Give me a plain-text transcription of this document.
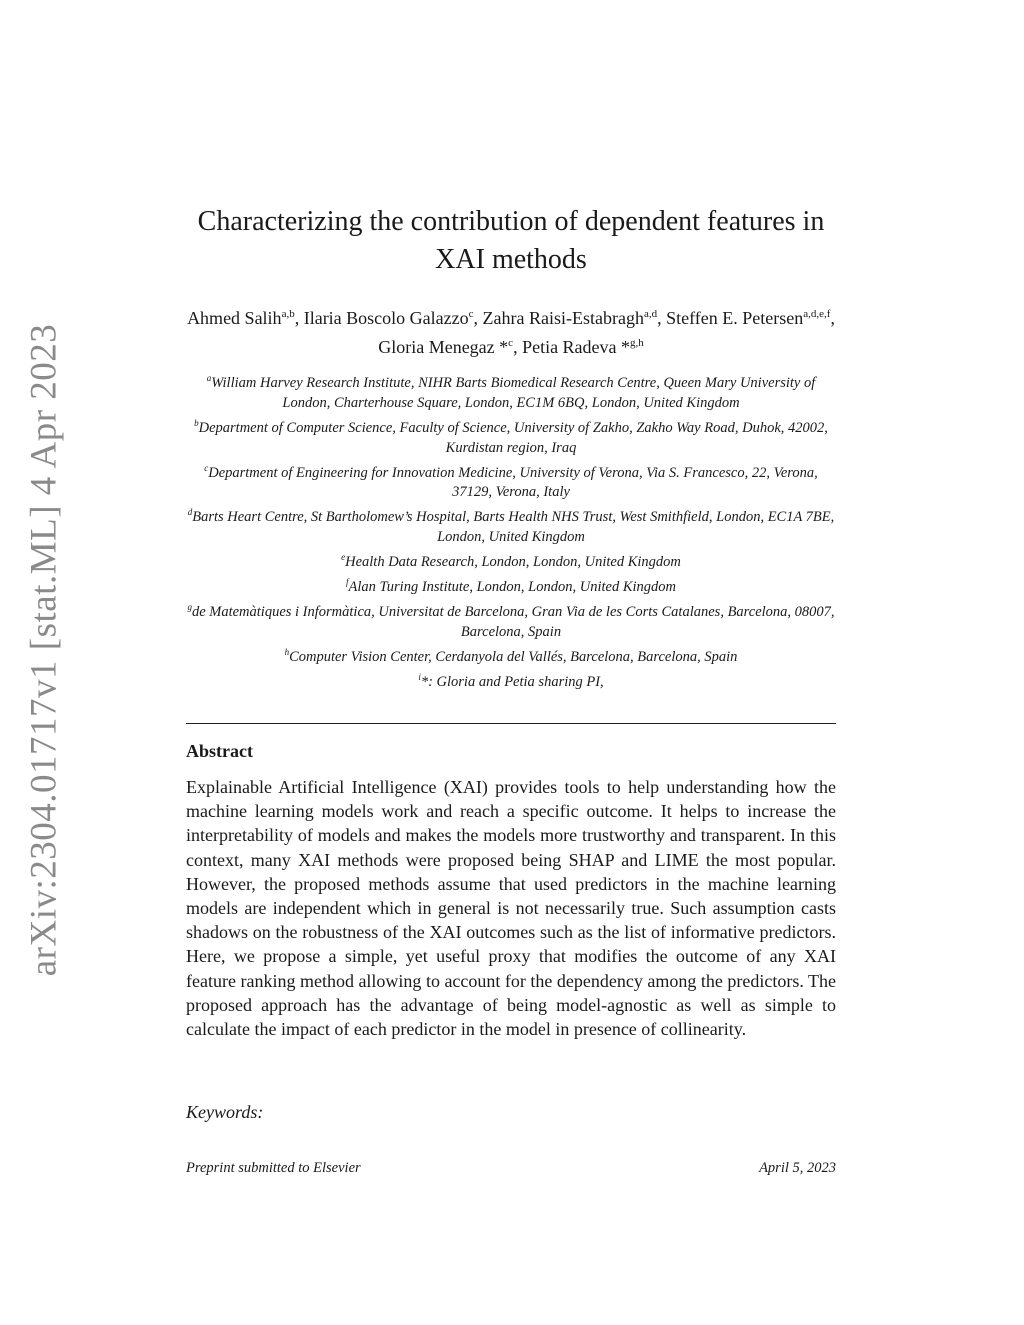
arXiv:2304.01717v1 [stat.ML] 4 Apr 2023
Characterizing the contribution of dependent features in XAI methods
Ahmed Salih$^{a,b}$, Ilaria Boscolo Galazzo$^c$, Zahra Raisi-Estabragh$^{a,d}$, Steffen E. Petersen$^{a,d,e,f}$, Gloria Menegaz *$^c$, Petia Radeva *$^{g,h}$
$^a$William Harvey Research Institute, NIHR Barts Biomedical Research Centre, Queen Mary University of London, Charterhouse Square, London, EC1M 6BQ, London, United Kingdom
$^b$Department of Computer Science, Faculty of Science, University of Zakho, Zakho Way Road, Duhok, 42002, Kurdistan region, Iraq
$^c$Department of Engineering for Innovation Medicine, University of Verona, Via S. Francesco, 22, Verona, 37129, Verona, Italy
$^d$Barts Heart Centre, St Bartholomew’s Hospital, Barts Health NHS Trust, West Smithfield, London, EC1A 7BE, London, United Kingdom
$^e$Health Data Research, London, London, United Kingdom
$^f$Alan Turing Institute, London, London, United Kingdom
$^g$de Matemàtiques i Informàtica, Universitat de Barcelona, Gran Via de les Corts Catalanes, Barcelona, 08007, Barcelona, Spain
$^h$Computer Vision Center, Cerdanyola del Vallés, Barcelona, Barcelona, Spain
$^i$*: Gloria and Petia sharing PI,
Abstract
Explainable Artificial Intelligence (XAI) provides tools to help understanding how the machine learning models work and reach a specific outcome. It helps to increase the interpretability of models and makes the models more trustworthy and transparent. In this context, many XAI methods were proposed being SHAP and LIME the most popular. However, the proposed methods assume that used predictors in the machine learning models are independent which in general is not necessarily true. Such assumption casts shadows on the robustness of the XAI outcomes such as the list of informative predictors. Here, we propose a simple, yet useful proxy that modifies the outcome of any XAI feature ranking method allowing to account for the dependency among the predictors. The proposed approach has the advantage of being model-agnostic as well as simple to calculate the impact of each predictor in the model in presence of collinearity.
Keywords:
Preprint submitted to Elsevier	April 5, 2023
